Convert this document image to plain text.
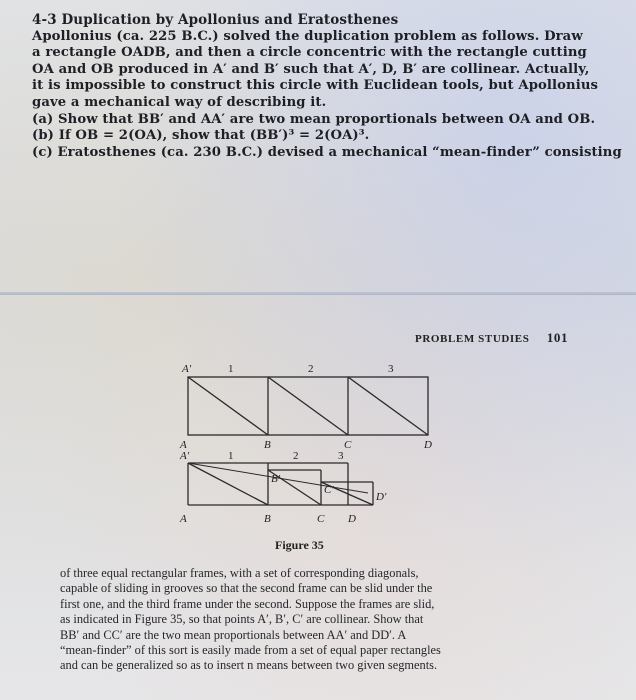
4-3 Duplication by Apollonius and Eratosthenes
Apollonius (ca. 225 B.C.) solved the duplication problem as follows. Draw
a rectangle OADB, and then a circle concentric with the rectangle cutting
OA and OB produced in A′ and B′ such that A′, D, B′ are collinear. Actually,
it is impossible to construct this circle with Euclidean tools, but Apollonius
gave a mechanical way of describing it.
(a) Show that BB′ and AA′ are two mean proportionals between OA and OB.
(b) If OB = 2(OA), show that (BB′)³ = 2(OA)³.
(c) Eratosthenes (ca. 230 B.C.) devised a mechanical “mean-finder” consisting
PROBLEM STUDIES 101
A′	1	2	3
A	B	C	D
A′	1	2	3
B′
C′
D′
A	B	C D
Figure 35
of three equal rectangular frames, with a set of corresponding diagonals,
capable of sliding in grooves so that the second frame can be slid under the
first one, and the third frame under the second. Suppose the frames are slid,
as indicated in Figure 35, so that points A′, B′, C′ are collinear. Show that
BB′ and CC′ are the two mean proportionals between AA′ and DD′. A
“mean-finder” of this sort is easily made from a set of equal paper rectangles
and can be generalized so as to insert n means between two given segments.
